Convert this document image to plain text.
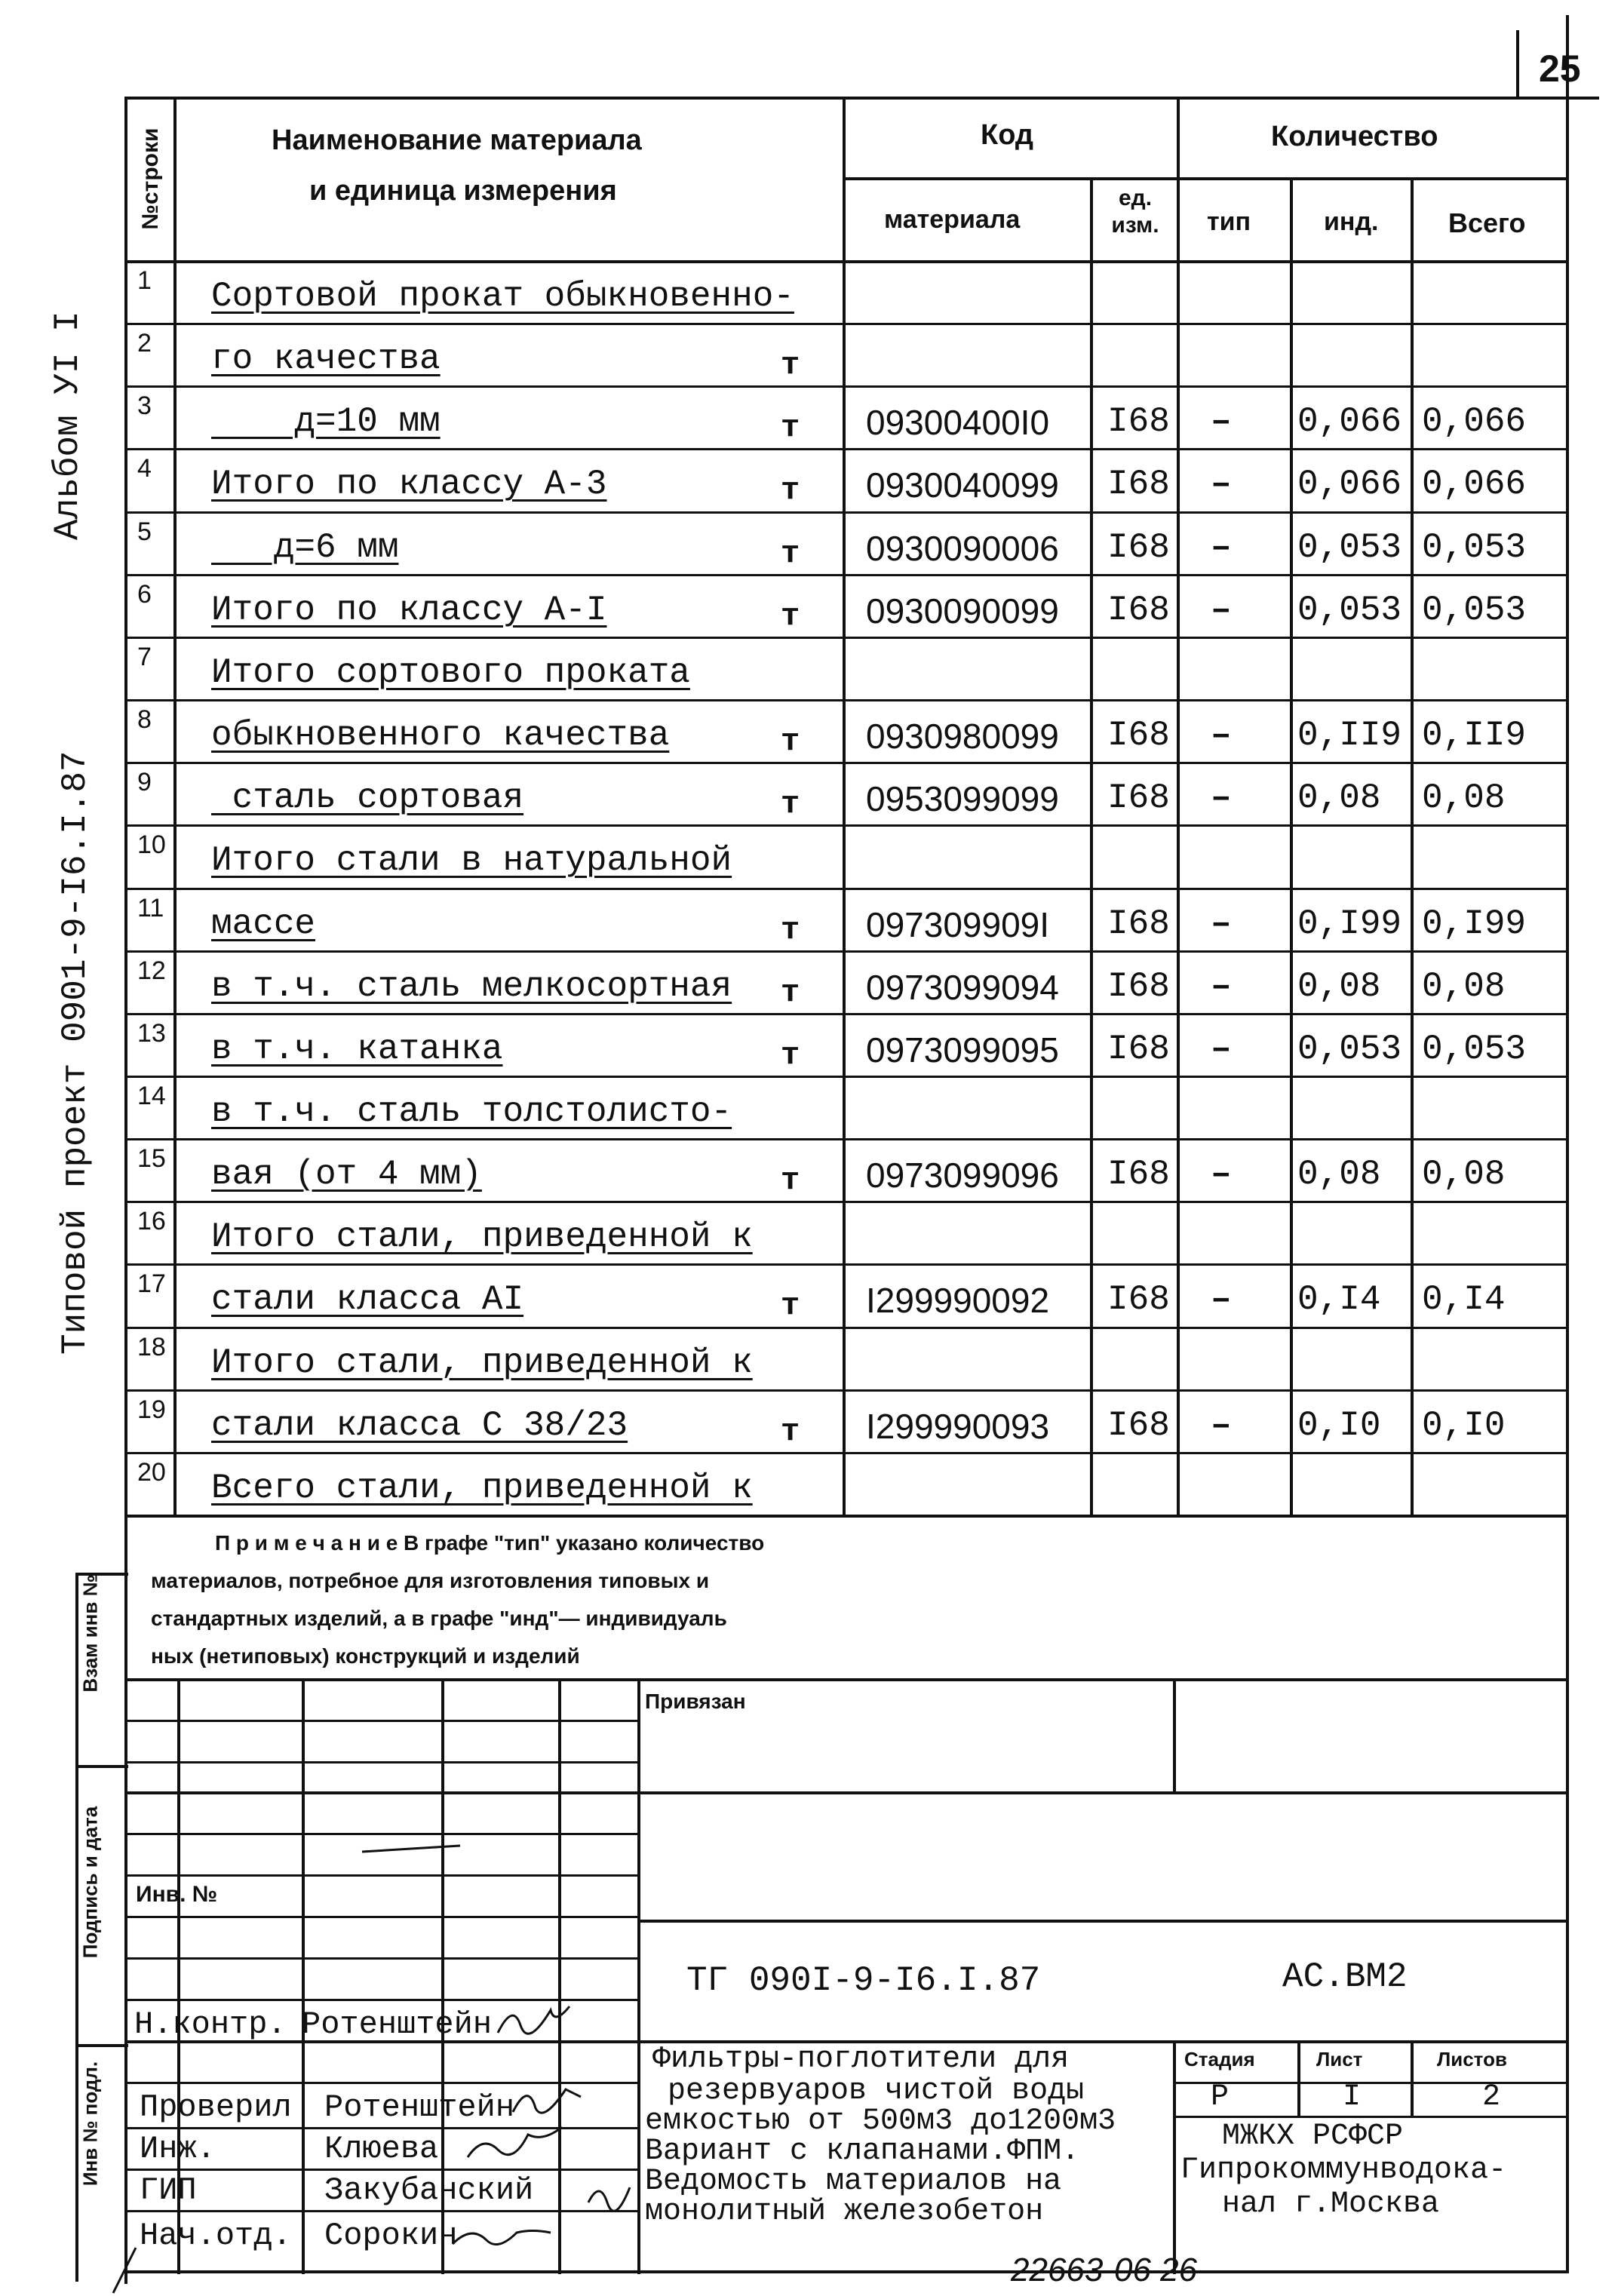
25
Альбом УI I
Типовой проект 0901-9-I6.I.87
Взам инв №
Подпись и дата
Инв № подл.
№строки	Наименование материала
и единица измерения
Код
материала
ед. изм.
Количество
тип	инд.	Всего
1 Сортовой прокат обыкновенно-
2 го качества	т
3 д=10 мм	т 09300400I0 I68 – 0,066 0,066
4 Итого по классу А-3	т 0930040099 I68 – 0,066 0,066
5 д=6 мм	т 0930090006 I68 – 0,053 0,053
6 Итого по классу А-I	т 0930090099 I68 – 0,053 0,053
7 Итого сортового проката
8 обыкновенного качества	т 0930980099 I68 – 0,II9 0,II9
9 сталь сортовая	т 0953099099 I68 – 0,08 0,08
10 Итого стали в натуральной
11 массе	т 097309909I I68 – 0,I99 0,I99
12 в т.ч. сталь мелкосортная т 0973099094 I68 – 0,08 0,08
13 в т.ч. катанка	т 0973099095 I68 – 0,053 0,053
14 в т.ч. сталь толстолисто-
15 вая (от 4 мм)	т 0973099096 I68 – 0,08 0,08
16 Итого стали, приведенной к
17 стали класса АI	т I299990092 I68 – 0,I4 0,I4
18 Итого стали, приведенной к
19 стали класса С 38/23	т I299990093 I68 – 0,I0 0,I0
20 Всего стали, приведенной к
П р и м е ч а н и е В графе "тип" указано количество
материалов, потребное для изготовления типовых и
стандартных изделий, а в графе "инд"— индивидуаль
ных (нетиповых) конструкций и изделий
Привязан
Инв. №
ТГ 090I-9-I6.I.87	АС.ВМ2
Н.контр. Ротенштейн
Проверил Ротенштейн
Инж.	Клюева
ГИП	Закубанский
Нач.отд. Сорокин
Фильтры-поглотители для
резервуаров чистой воды
емкостью от 500м3 до1200м3
Вариант с клапанами.ФПМ.
Ведомость материалов на
монолитный железобетон
Стадия	Лист	Листов
Р	I	2
МЖКХ РСФСР
Гипрокоммунводока-
нал г.Москва
22663-06 26
